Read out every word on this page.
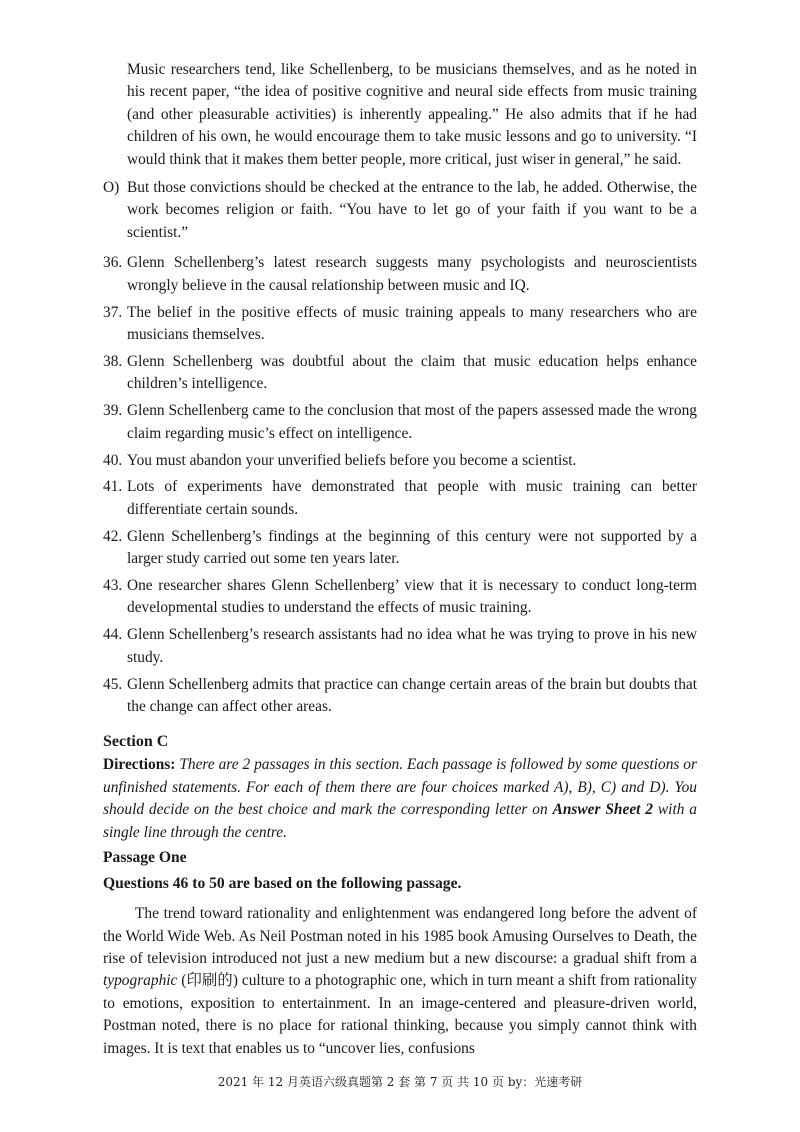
Music researchers tend, like Schellenberg, to be musicians themselves, and as he noted in his recent paper, “the idea of positive cognitive and neural side effects from music training (and other pleasurable activities) is inherently appealing.” He also admits that if he had children of his own, he would encourage them to take music lessons and go to university. “I would think that it makes them better people, more critical, just wiser in general,” he said.

O) But those convictions should be checked at the entrance to the lab, he added. Otherwise, the work becomes religion or faith. “You have to let go of your faith if you want to be a scientist.”
36. Glenn Schellenberg’s latest research suggests many psychologists and neuroscientists wrongly believe in the causal relationship between music and IQ.
37. The belief in the positive effects of music training appeals to many researchers who are musicians themselves.
38. Glenn Schellenberg was doubtful about the claim that music education helps enhance children’s intelligence.
39. Glenn Schellenberg came to the conclusion that most of the papers assessed made the wrong claim regarding music’s effect on intelligence.
40. You must abandon your unverified beliefs before you become a scientist.
41. Lots of experiments have demonstrated that people with music training can better differentiate certain sounds.
42. Glenn Schellenberg’s findings at the beginning of this century were not supported by a larger study carried out some ten years later.
43. One researcher shares Glenn Schellenberg’ view that it is necessary to conduct long-term developmental studies to understand the effects of music training.
44. Glenn Schellenberg’s research assistants had no idea what he was trying to prove in his new study.
45. Glenn Schellenberg admits that practice can change certain areas of the brain but doubts that the change can affect other areas.
Section C
Directions: There are 2 passages in this section. Each passage is followed by some questions or unfinished statements. For each of them there are four choices marked A), B), C) and D). You should decide on the best choice and mark the corresponding letter on Answer Sheet 2 with a single line through the centre.
Passage One
Questions 46 to 50 are based on the following passage.

The trend toward rationality and enlightenment was endangered long before the advent of the World Wide Web. As Neil Postman noted in his 1985 book Amusing Ourselves to Death, the rise of television introduced not just a new medium but a new discourse: a gradual shift from a typographic (印刷的) culture to a photographic one, which in turn meant a shift from rationality to emotions, exposition to entertainment. In an image-centered and pleasure-driven world, Postman noted, there is no place for rational thinking, because you simply cannot think with images. It is text that enables us to “uncover lies, confusions

2021 年 12 月英语六级真题第 2 套 第 7 页 共 10 页 by：光速考研
